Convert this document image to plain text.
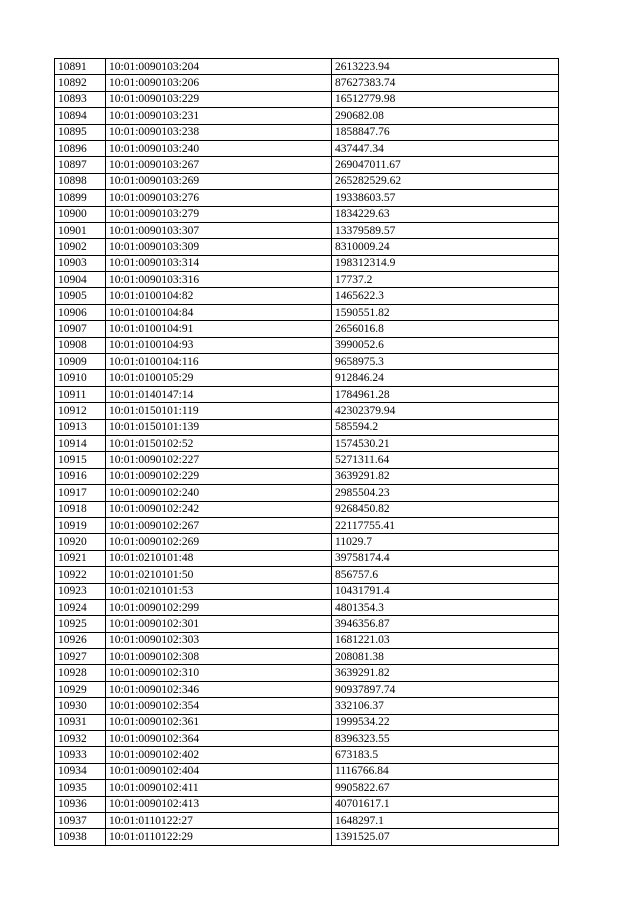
10891	10:01:0090103:204	2613223.94
10892	10:01:0090103:206	87627383.74
10893	10:01:0090103:229	16512779.98
10894	10:01:0090103:231	290682.08
10895	10:01:0090103:238	1858847.76
10896	10:01:0090103:240	437447.34
10897	10:01:0090103:267	269047011.67
10898	10:01:0090103:269	265282529.62
10899	10:01:0090103:276	19338603.57
10900	10:01:0090103:279	1834229.63
10901	10:01:0090103:307	13379589.57
10902	10:01:0090103:309	8310009.24
10903	10:01:0090103:314	198312314.9
10904	10:01:0090103:316	17737.2
10905	10:01:0100104:82	1465622.3
10906	10:01:0100104:84	1590551.82
10907	10:01:0100104:91	2656016.8
10908	10:01:0100104:93	3990052.6
10909	10:01:0100104:116	9658975.3
10910	10:01:0100105:29	912846.24
10911	10:01:0140147:14	1784961.28
10912	10:01:0150101:119	42302379.94
10913	10:01:0150101:139	585594.2
10914	10:01:0150102:52	1574530.21
10915	10:01:0090102:227	5271311.64
10916	10:01:0090102:229	3639291.82
10917	10:01:0090102:240	2985504.23
10918	10:01:0090102:242	9268450.82
10919	10:01:0090102:267	22117755.41
10920	10:01:0090102:269	11029.7
10921	10:01:0210101:48	39758174.4
10922	10:01:0210101:50	856757.6
10923	10:01:0210101:53	10431791.4
10924	10:01:0090102:299	4801354.3
10925	10:01:0090102:301	3946356.87
10926	10:01:0090102:303	1681221.03
10927	10:01:0090102:308	208081.38
10928	10:01:0090102:310	3639291.82
10929	10:01:0090102:346	90937897.74
10930	10:01:0090102:354	332106.37
10931	10:01:0090102:361	1999534.22
10932	10:01:0090102:364	8396323.55
10933	10:01:0090102:402	673183.5
10934	10:01:0090102:404	1116766.84
10935	10:01:0090102:411	9905822.67
10936	10:01:0090102:413	40701617.1
10937	10:01:0110122:27	1648297.1
10938	10:01:0110122:29	1391525.07
